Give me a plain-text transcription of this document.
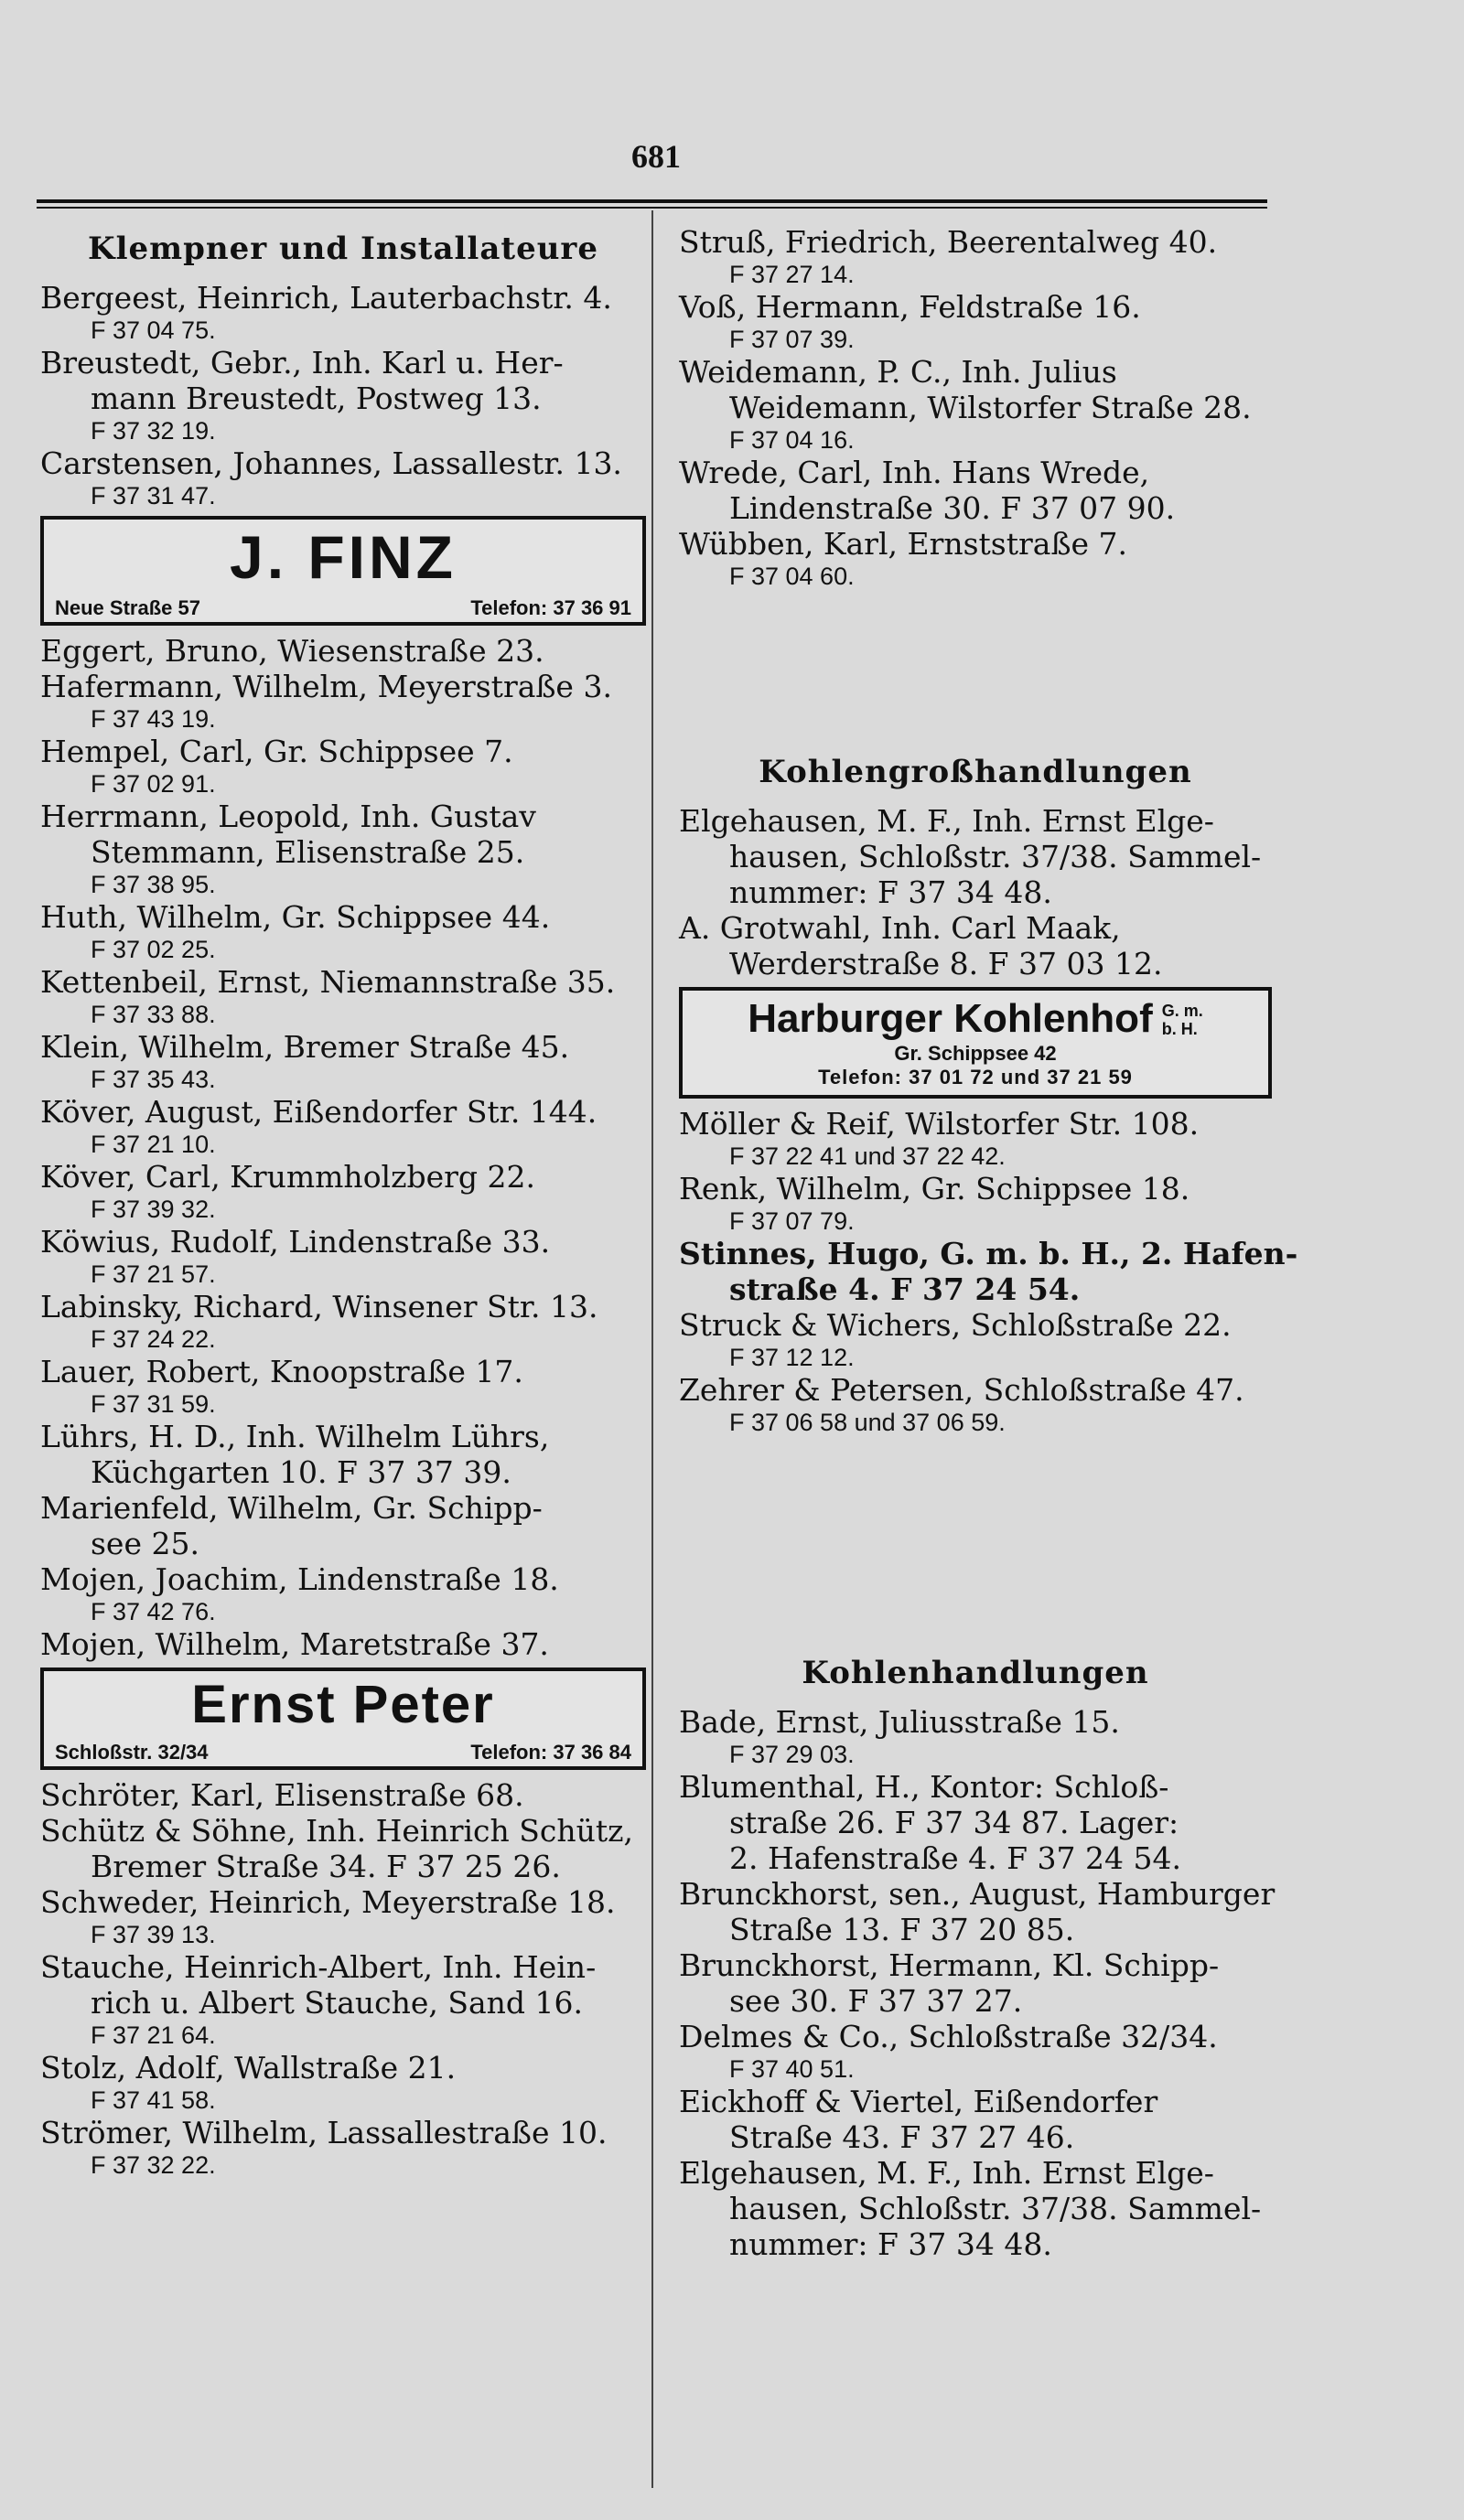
681
Klempner und Installateure
Bergeest, Heinrich, Lauterbachstr. 4.
F 37 04 75.
Breustedt, Gebr., Inh. Karl u. Her-
mann Breustedt, Postweg 13.
F 37 32 19.
Carstensen, Johannes, Lassallestr. 13.
F 37 31 47.
J. FINZ
Neue Straße 57	Telefon: 37 36 91
Eggert, Bruno, Wiesenstraße 23.
Hafermann, Wilhelm, Meyerstraße 3.
F 37 43 19.
Hempel, Carl, Gr. Schippsee 7.
F 37 02 91.
Herrmann, Leopold, Inh. Gustav
Stemmann, Elisenstraße 25.
F 37 38 95.
Huth, Wilhelm, Gr. Schippsee 44.
F 37 02 25.
Kettenbeil, Ernst, Niemannstraße 35.
F 37 33 88.
Klein, Wilhelm, Bremer Straße 45.
F 37 35 43.
Köver, August, Eißendorfer Str. 144.
F 37 21 10.
Köver, Carl, Krummholzberg 22.
F 37 39 32.
Köwius, Rudolf, Lindenstraße 33.
F 37 21 57.
Labinsky, Richard, Winsener Str. 13.
F 37 24 22.
Lauer, Robert, Knoopstraße 17.
F 37 31 59.
Lührs, H. D., Inh. Wilhelm Lührs,
Küchgarten 10. F 37 37 39.
Marienfeld, Wilhelm, Gr. Schipp-
see 25.
Mojen, Joachim, Lindenstraße 18.
F 37 42 76.
Mojen, Wilhelm, Maretstraße 37.
Ernst Peter
Schloßstr. 32/34	Telefon: 37 36 84
Schröter, Karl, Elisenstraße 68.
Schütz & Söhne, Inh. Heinrich Schütz,
Bremer Straße 34. F 37 25 26.
Schweder, Heinrich, Meyerstraße 18.
F 37 39 13.
Stauche, Heinrich-Albert, Inh. Hein-
rich u. Albert Stauche, Sand 16.
F 37 21 64.
Stolz, Adolf, Wallstraße 21.
F 37 41 58.
Strömer, Wilhelm, Lassallestraße 10.
F 37 32 22.
Struß, Friedrich, Beerentalweg 40.
F 37 27 14.
Voß, Hermann, Feldstraße 16.
F 37 07 39.
Weidemann, P. C., Inh. Julius
Weidemann, Wilstorfer Straße 28.
F 37 04 16.
Wrede, Carl, Inh. Hans Wrede,
Lindenstraße 30. F 37 07 90.
Wübben, Karl, Ernststraße 7.
F 37 04 60.
Kohlengroßhandlungen
Elgehausen, M. F., Inh. Ernst Elge-
hausen, Schloßstr. 37/38. Sammel-
nummer: F 37 34 48.
A. Grotwahl, Inh. Carl Maak,
Werderstraße 8. F 37 03 12.
Harburger Kohlenhof G. m.
b. H.
Gr. Schippsee 42
Telefon: 37 01 72 und 37 21 59
Möller & Reif, Wilstorfer Str. 108.
F 37 22 41 und 37 22 42.
Renk, Wilhelm, Gr. Schippsee 18.
F 37 07 79.
Stinnes, Hugo, G. m. b. H., 2. Hafen-
straße 4. F 37 24 54.
Struck & Wichers, Schloßstraße 22.
F 37 12 12.
Zehrer & Petersen, Schloßstraße 47.
F 37 06 58 und 37 06 59.
Kohlenhandlungen
Bade, Ernst, Juliusstraße 15.
F 37 29 03.
Blumenthal, H., Kontor: Schloß-
straße 26. F 37 34 87. Lager:
2. Hafenstraße 4. F 37 24 54.
Brunckhorst, sen., August, Hamburger
Straße 13. F 37 20 85.
Brunckhorst, Hermann, Kl. Schipp-
see 30. F 37 37 27.
Delmes & Co., Schloßstraße 32/34.
F 37 40 51.
Eickhoff & Viertel, Eißendorfer
Straße 43. F 37 27 46.
Elgehausen, M. F., Inh. Ernst Elge-
hausen, Schloßstr. 37/38. Sammel-
nummer: F 37 34 48.
